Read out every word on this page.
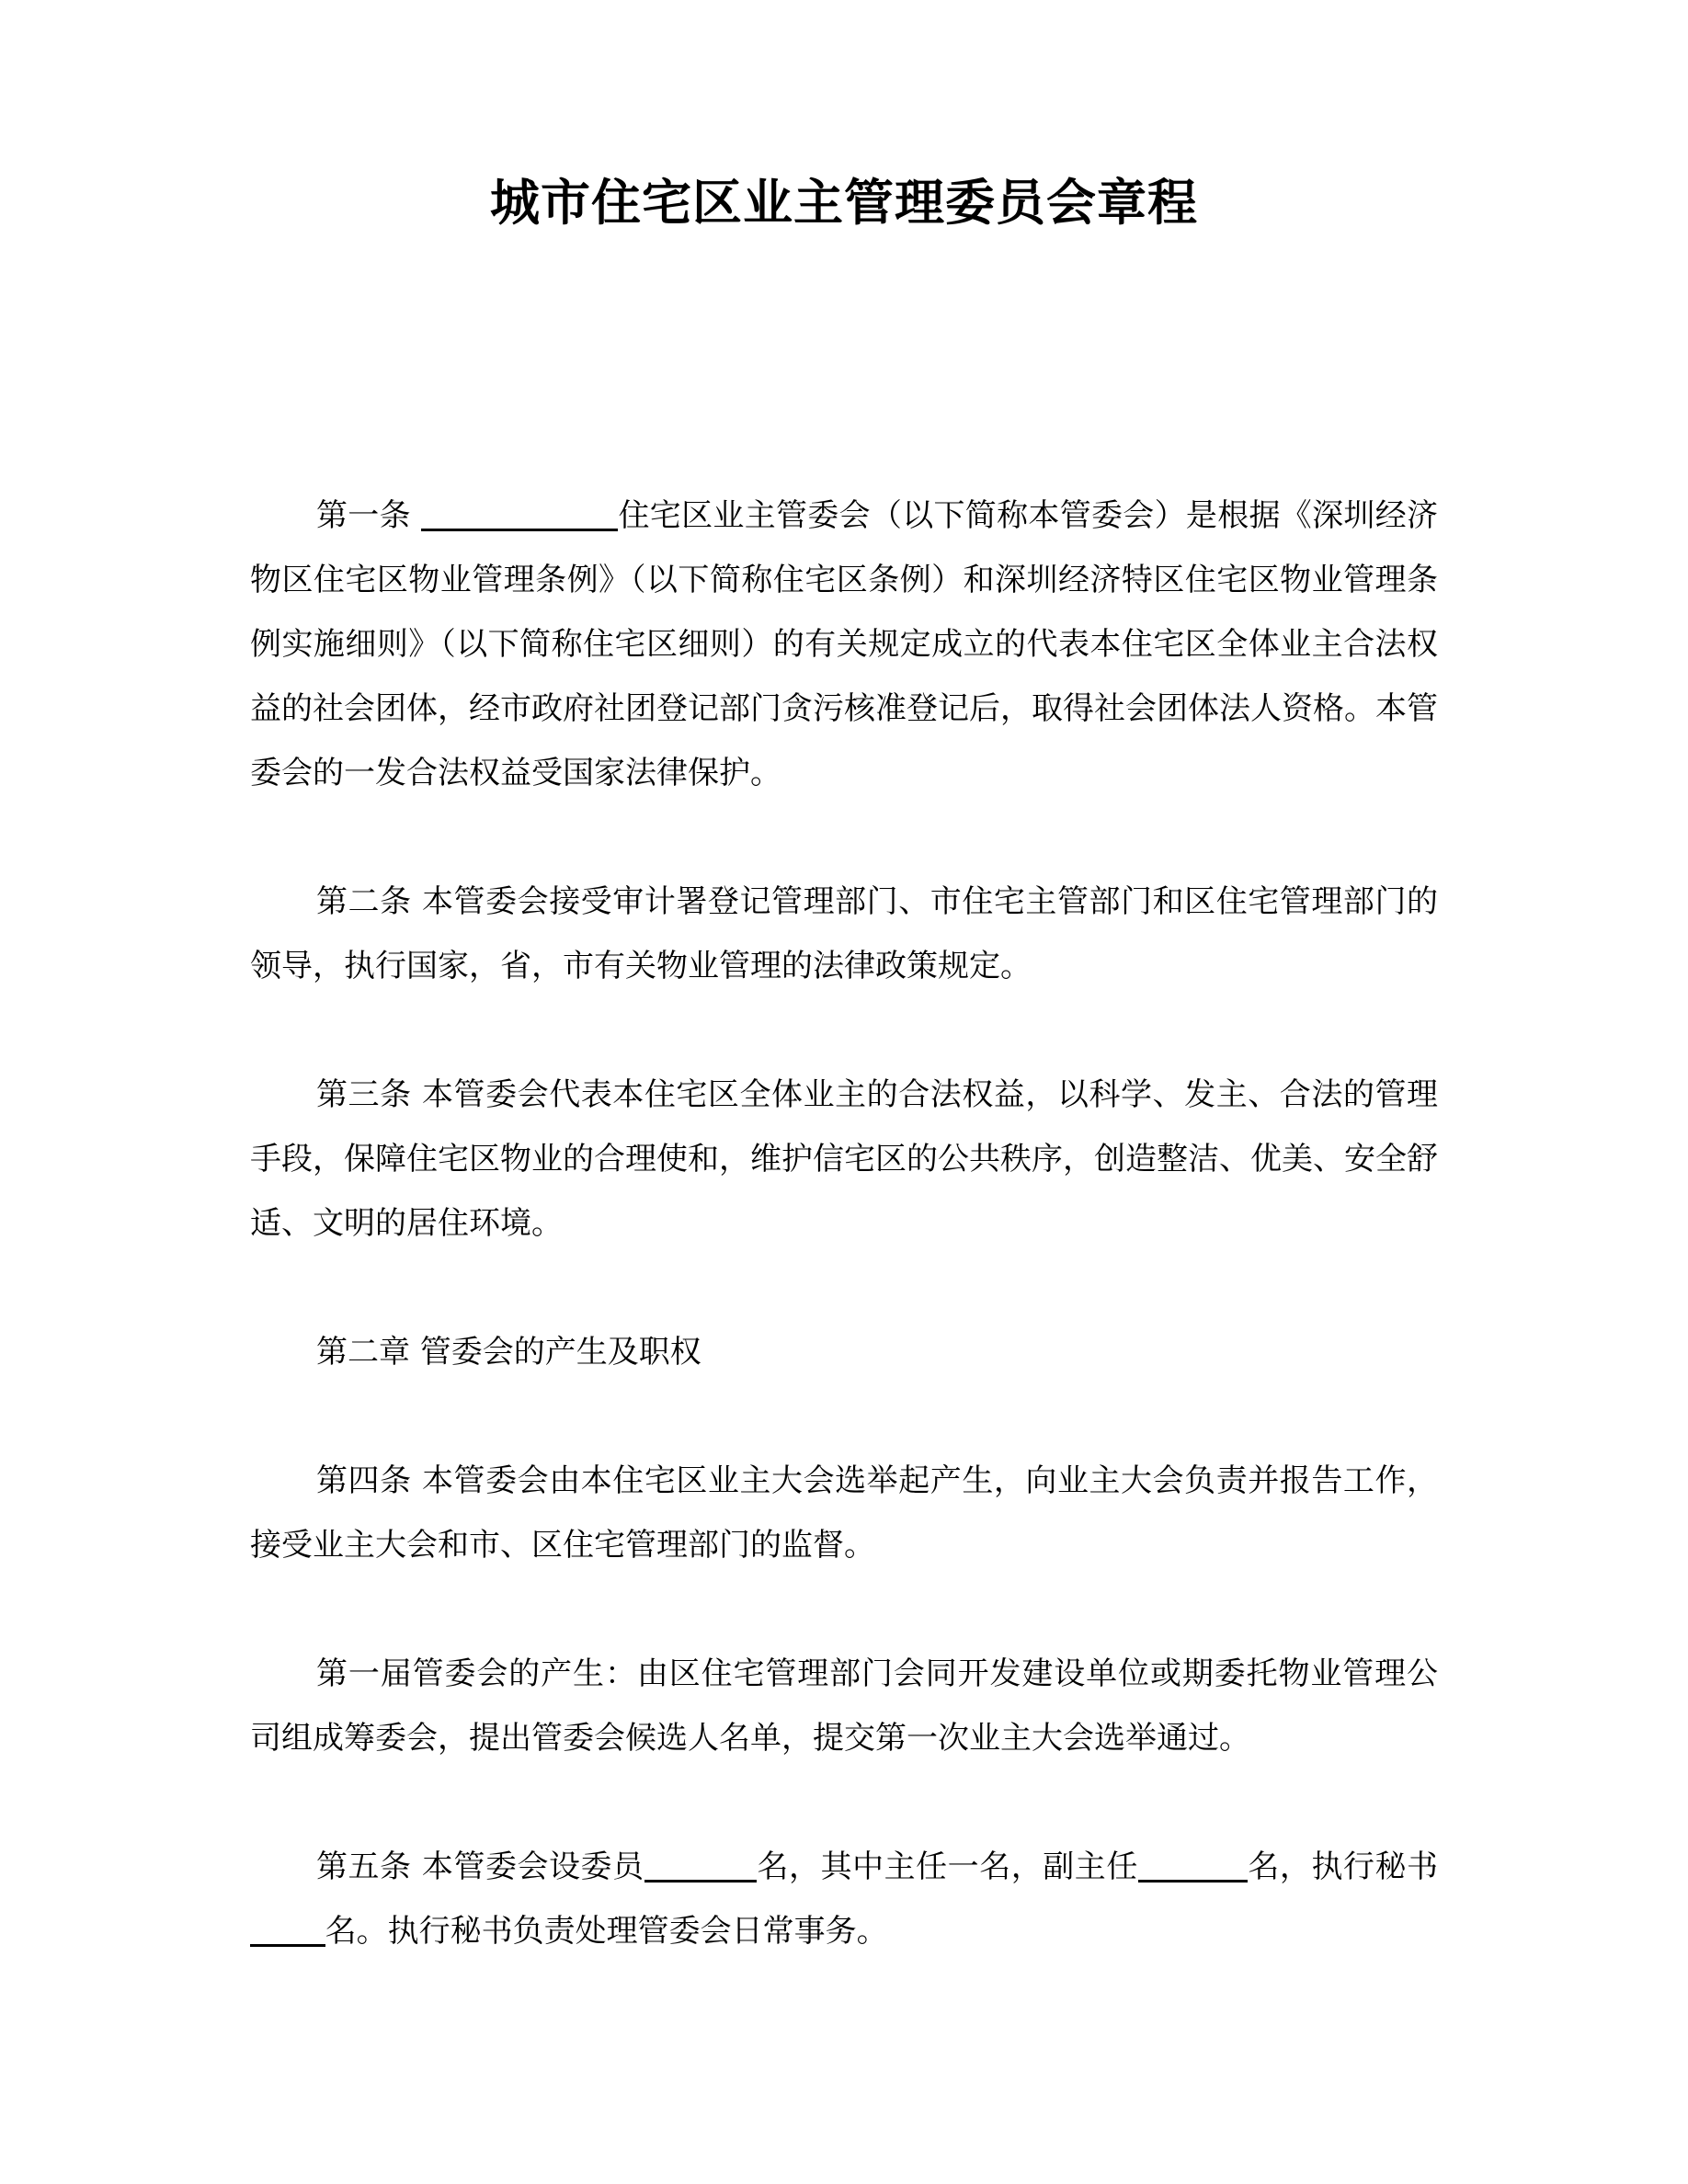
城市住宅区业主管理委员会章程

第一条	住宅区业主管委会（以下简称本管委会）是根据《深圳经济物区住宅区物业管理条例》（以下简称住宅区条例）和深圳经济特区住宅区物业管理条例实施细则》（以下简称住宅区细则）的有关规定成立的代表本住宅区全体业主合法权益的社会团体，经市政府社团登记部门贪污核准登记后，取得社会团体法人资格。本管委会的一发合法权益受国家法律保护。

第二条 本管委会接受审计署登记管理部门、市住宅主管部门和区住宅管理部门的领导，执行国家，省，市有关物业管理的法律政策规定。

第三条 本管委会代表本住宅区全体业主的合法权益，以科学、发主、合法的管理手段，保障住宅区物业的合理使和，维护信宅区的公共秩序，创造整洁、优美、安全舒适、文明的居住环境。

第二章 管委会的产生及职权

第四条 本管委会由本住宅区业主大会选举起产生，向业主大会负责并报告工作，接受业主大会和市、区住宅管理部门的监督。

第一届管委会的产生：由区住宅管理部门会同开发建设单位或期委托物业管理公司组成筹委会，提出管委会候选人名单，提交第一次业主大会选举通过。

第五条 本管委会设委员	名，其中主任一名，副主任	名，执行秘书名。执行秘书负责处理管委会日常事务。
